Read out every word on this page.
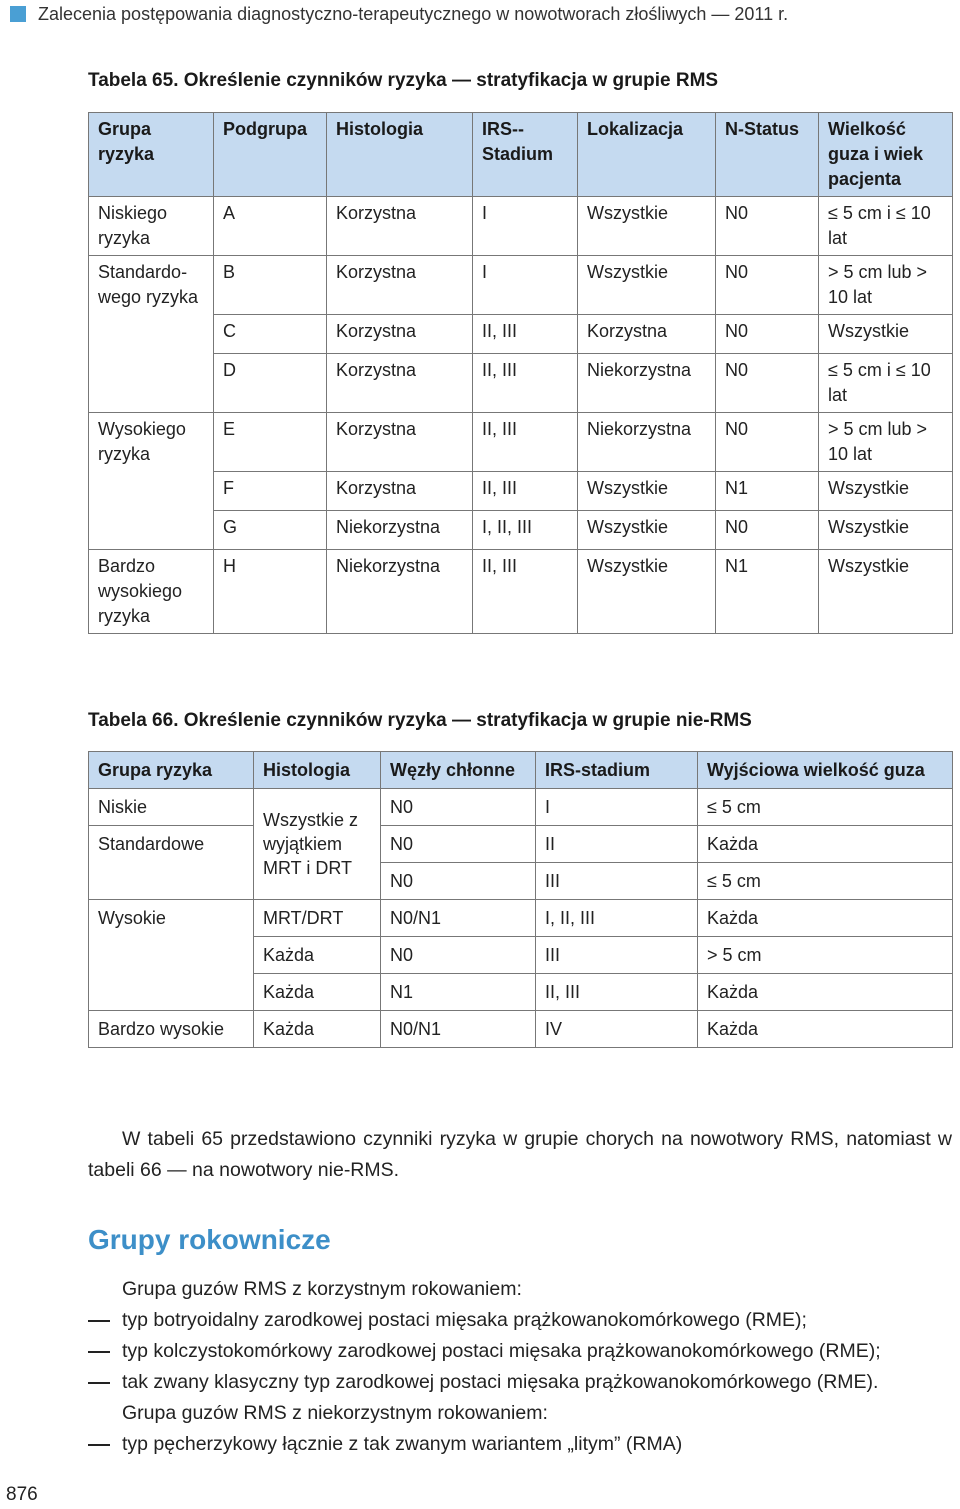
Zalecenia postępowania diagnostyczno-terapeutycznego w nowotworach złośliwych — 2011 r.
Tabela 65. Określenie czynników ryzyka — stratyfikacja w grupie RMS
Grupa ryzyka	Podgrupa	Histologia	IRS--Stadium	Lokalizacja	N-Status	Wielkość guza i wiek pacjenta
Niskiego ryzyka	A	Korzystna	I	Wszystkie	N0	≤ 5 cm i ≤ 10 lat
Standardo-wego ryzyka	B	Korzystna	I	Wszystkie	N0	> 5 cm lub > 10 lat
	C	Korzystna	II, III	Korzystna	N0	Wszystkie
	D	Korzystna	II, III	Niekorzystna	N0	≤ 5 cm i ≤ 10 lat
Wysokiego ryzyka	E	Korzystna	II, III	Niekorzystna	N0	> 5 cm lub > 10 lat
	F	Korzystna	II, III	Wszystkie	N1	Wszystkie
	G	Niekorzystna	I, II, III	Wszystkie	N0	Wszystkie
Bardzo wysokiego ryzyka	H	Niekorzystna	II, III	Wszystkie	N1	Wszystkie
Tabela 66. Określenie czynników ryzyka — stratyfikacja w grupie nie-RMS
Grupa ryzyka	Histologia	Węzły chłonne	IRS-stadium	Wyjściowa wielkość guza
Niskie	Wszystkie z wyjątkiem MRT i DRT	N0	I	≤ 5 cm
Standardowe		N0	II	Każda
		N0	III	≤ 5 cm
Wysokie	MRT/DRT	N0/N1	I, II, III	Każda
	Każda	N0	III	> 5 cm
	Każda	N1	II, III	Każda
Bardzo wysokie	Każda	N0/N1	IV	Każda
W tabeli 65 przedstawiono czynniki ryzyka w grupie chorych na nowotwory RMS, natomiast w tabeli 66 — na nowotwory nie-RMS.
Grupy rokownicze
Grupa guzów RMS z korzystnym rokowaniem:
typ botryoidalny zarodkowej postaci mięsaka prążkowanokomórkowego (RME);
typ kolczystokomórkowy zarodkowej postaci mięsaka prążkowanokomórkowego (RME);
tak zwany klasyczny typ zarodkowej postaci mięsaka prążkowanokomórkowego (RME).
Grupa guzów RMS z niekorzystnym rokowaniem:
typ pęcherzykowy łącznie z tak zwanym wariantem „litym” (RMA)
876
